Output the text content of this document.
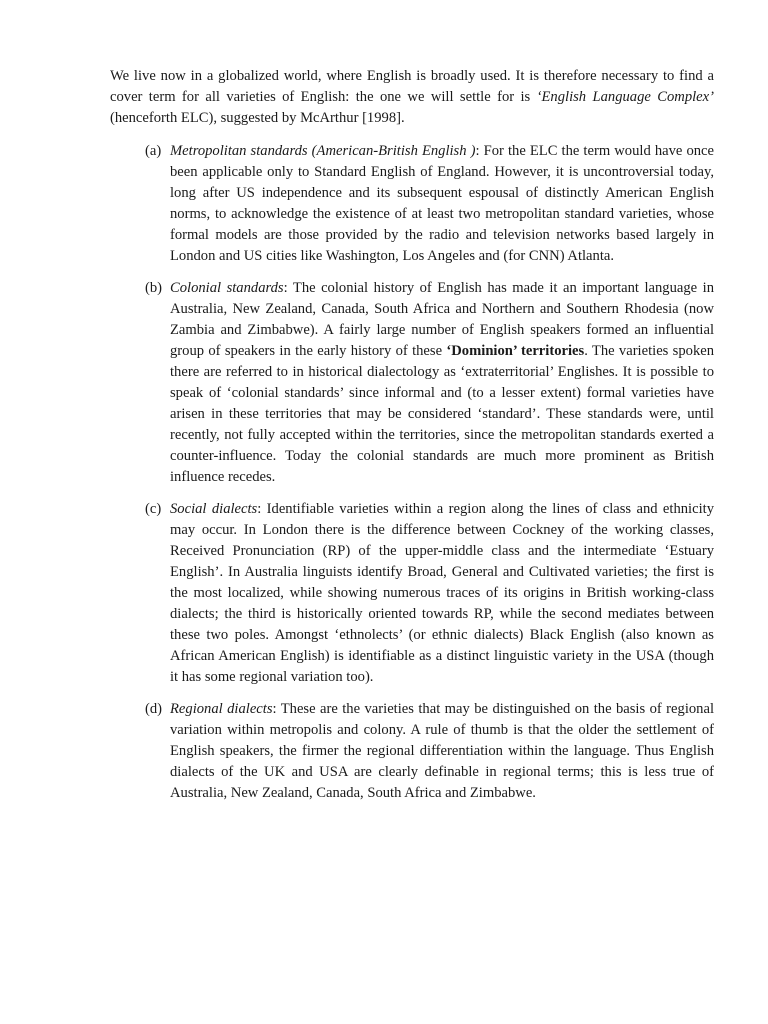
We live now in a globalized world, where English is broadly used. It is therefore necessary to find a cover term for all varieties of English: the one we will settle for is ‘English Language Complex’ (henceforth ELC), suggested by McArthur [1998].

(a) Metropolitan standards (American-British English ): For the ELC the term would have once been applicable only to Standard English of England. However, it is uncontroversial today, long after US independence and its subsequent espousal of distinctly American English norms, to acknowledge the existence of at least two metropolitan standard varieties, whose formal models are those provided by the radio and television networks based largely in London and US cities like Washington, Los Angeles and (for CNN) Atlanta.

(b) Colonial standards: The colonial history of English has made it an important language in Australia, New Zealand, Canada, South Africa and Northern and Southern Rhodesia (now Zambia and Zimbabwe). A fairly large number of English speakers formed an influential group of speakers in the early history of these ‘Dominion’ territories. The varieties spoken there are referred to in historical dialectology as ‘extraterritorial’ Englishes. It is possible to speak of ‘colonial standards’ since informal and (to a lesser extent) formal varieties have arisen in these territories that may be considered ‘standard’. These standards were, until recently, not fully accepted within the territories, since the metropolitan standards exerted a counter-influence. Today the colonial standards are much more prominent as British influence recedes.

(c) Social dialects: Identifiable varieties within a region along the lines of class and ethnicity may occur. In London there is the difference between Cockney of the working classes, Received Pronunciation (RP) of the upper-middle class and the intermediate ‘Estuary English’. In Australia linguists identify Broad, General and Cultivated varieties; the first is the most localized, while showing numerous traces of its origins in British working-class dialects; the third is historically oriented towards RP, while the second mediates between these two poles. Amongst ‘ethnolects’ (or ethnic dialects) Black English (also known as African American English) is identifiable as a distinct linguistic variety in the USA (though it has some regional variation too).

(d) Regional dialects: These are the varieties that may be distinguished on the basis of regional variation within metropolis and colony. A rule of thumb is that the older the settlement of English speakers, the firmer the regional differentiation within the language. Thus English dialects of the UK and USA are clearly definable in regional terms; this is less true of Australia, New Zealand, Canada, South Africa and Zimbabwe.
